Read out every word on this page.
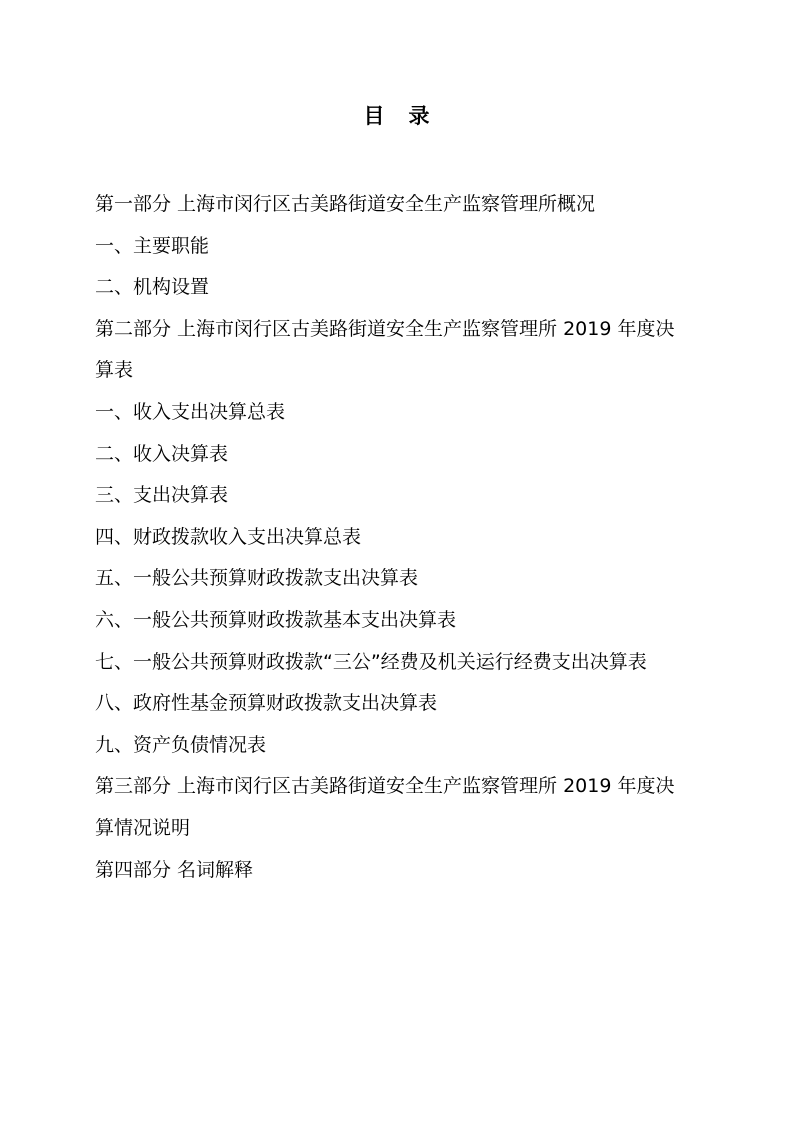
目录
第一部分 上海市闵行区古美路街道安全生产监察管理所概况
一、主要职能
二、机构设置
第二部分 上海市闵行区古美路街道安全生产监察管理所 2019 年度决算表
一、收入支出决算总表
二、收入决算表
三、支出决算表
四、财政拨款收入支出决算总表
五、一般公共预算财政拨款支出决算表
六、一般公共预算财政拨款基本支出决算表
七、一般公共预算财政拨款“三公”经费及机关运行经费支出决算表
八、政府性基金预算财政拨款支出决算表
九、资产负债情况表
第三部分 上海市闵行区古美路街道安全生产监察管理所 2019 年度决算情况说明
第四部分 名词解释
